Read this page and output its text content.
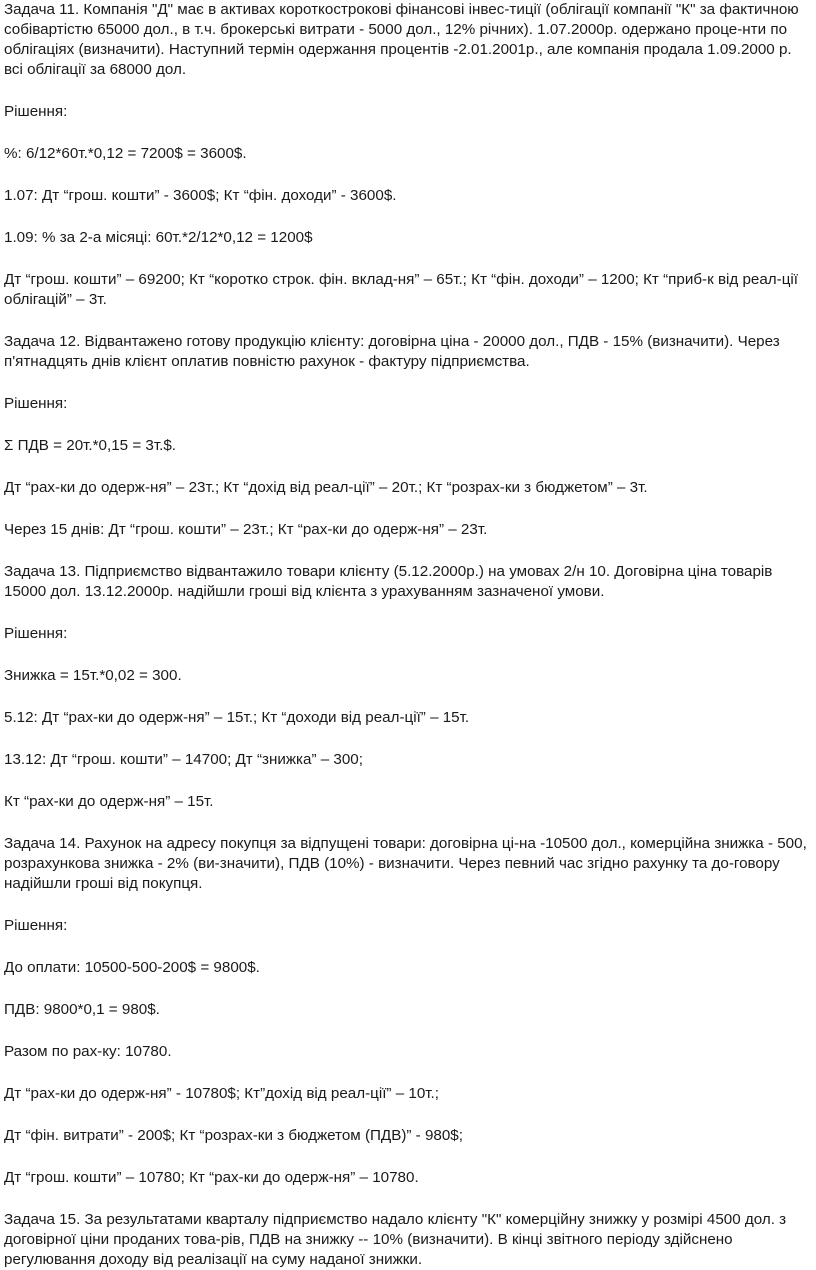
Задача 11. Компанія "Д" має в активах короткострокові фінансові інвес-тиції (облігації компанії "К" за фактичною собівартістю 65000 дол., в т.ч. брокерські витрати - 5000 дол., 12% річних). 1.07.2000р. одержано проце-нти по облігаціях (визначити). Наступний термін одержання процентів -2.01.2001р., але компанія продала 1.09.2000 р. всі облігації за 68000 дол.

Рішення:

%: 6/12*60т.*0,12 = 7200$ = 3600$.

1.07: Дт “грош. кошти” - 3600$; Кт “фін. доходи” - 3600$.

1.09: % за 2-а місяці: 60т.*2/12*0,12 = 1200$

Дт “грош. кошти” – 69200; Кт “коротко строк. фін. вклад-ня” – 65т.; Кт “фін. доходи” – 1200; Кт “приб-к від реал-ції облігацій” – 3т.

Задача 12. Відвантажено готову продукцію клієнту: договірна ціна - 20000 дол., ПДВ - 15% (визначити). Через п'ятнадцять днів клієнт оплатив повністю рахунок - фактуру підприємства.

Рішення:

Σ ПДВ = 20т.*0,15 = 3т.$.

Дт “рах-ки до одерж-ня” – 23т.; Кт “дохід від реал-ції” – 20т.; Кт “розрах-ки з бюджетом” – 3т.

Через 15 днів: Дт “грош. кошти” – 23т.; Кт “рах-ки до одерж-ня” – 23т.

Задача 13. Підприємство відвантажило товари клієнту (5.12.2000р.) на умовах 2/н 10. Договірна ціна товарів 15000 дол. 13.12.2000р. надійшли гроші від клієнта з урахуванням зазначеної умови.

Рішення:

Знижка = 15т.*0,02 = 300.

5.12: Дт “рах-ки до одерж-ня” – 15т.; Кт “доходи від реал-ції” – 15т.

13.12: Дт “грош. кошти” – 14700; Дт “знижка” – 300;

Кт “рах-ки до одерж-ня” – 15т.

Задача 14. Рахунок на адресу покупця за відпущені товари: договірна ці-на -10500 дол., комерційна знижка - 500, розрахункова знижка - 2% (ви-значити), ПДВ (10%) - визначити. Через певний час згідно рахунку та до-говору надійшли гроші від покупця.

Рішення:

До оплати: 10500-500-200$ = 9800$.

ПДВ: 9800*0,1 = 980$.

Разом по рах-ку: 10780.

Дт “рах-ки до одерж-ня” - 10780$; Кт”дохід від реал-ції” – 10т.;

Дт “фін. витрати” - 200$; Кт “розрах-ки з бюджетом (ПДВ)” - 980$;

Дт “грош. кошти” – 10780; Кт “рах-ки до одерж-ня” – 10780.

Задача 15. За результатами кварталу підприємство надало клієнту "К" комерційну знижку у розмірі 4500 дол. з договірної ціни проданих това-рів, ПДВ на знижку -- 10% (визначити). В кінці звітного періоду здійснено регулювання доходу від реалізації на суму наданої знижки.
